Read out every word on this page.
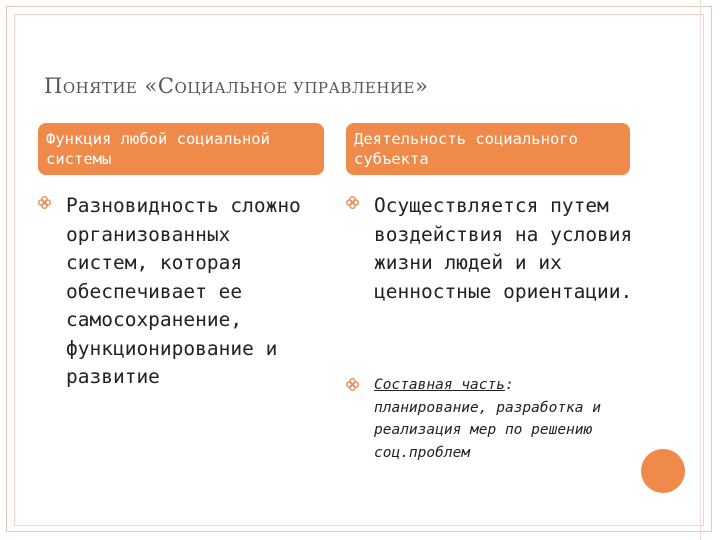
ПОНЯТИЕ «СОЦИАЛЬНОЕ УПРАВЛЕНИЕ»
Функция любой социальной системы
Деятельность социального субъекта
Разновидность сложно организованных систем, которая обеспечивает ее самосохранение, функционирование и развитие
Осуществляется путем воздействия на условия жизни людей и их ценностные ориентации.
Составная часть: планирование, разработка и реализация мер по решению соц.проблем
